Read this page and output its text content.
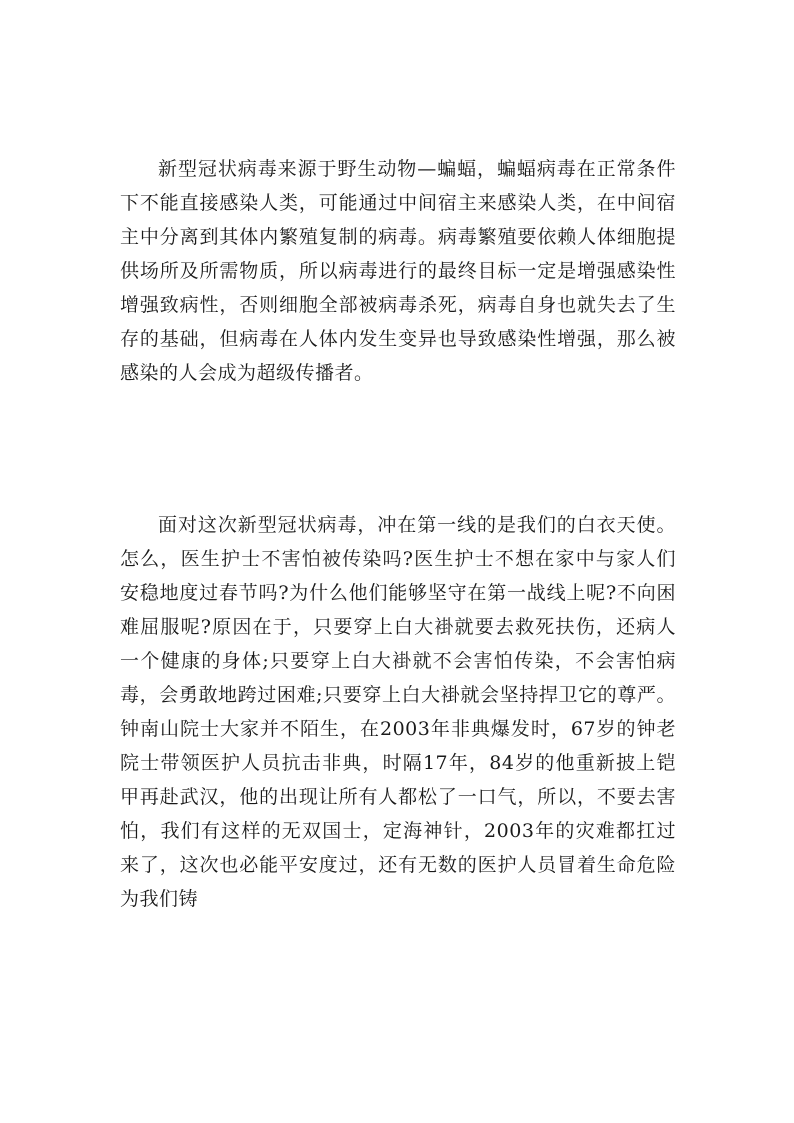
新型冠状病毒来源于野生动物—蝙蝠，蝙蝠病毒在正常条件下不能直接感染人类，可能通过中间宿主来感染人类，在中间宿主中分离到其体内繁殖复制的病毒。病毒繁殖要依赖人体细胞提供场所及所需物质，所以病毒进行的最终目标一定是增强感染性增强致病性，否则细胞全部被病毒杀死，病毒自身也就失去了生存的基础，但病毒在人体内发生变异也导致感染性增强，那么被感染的人会成为超级传播者。

面对这次新型冠状病毒，冲在第一线的是我们的白衣天使。怎么，医生护士不害怕被传染吗?医生护士不想在家中与家人们安稳地度过春节吗?为什么他们能够坚守在第一战线上呢?不向困难屈服呢?原因在于，只要穿上白大褂就要去救死扶伤，还病人一个健康的身体;只要穿上白大褂就不会害怕传染，不会害怕病毒，会勇敢地跨过困难;只要穿上白大褂就会坚持捍卫它的尊严。钟南山院士大家并不陌生，在2003年非典爆发时，67岁的钟老院士带领医护人员抗击非典，时隔17年，84岁的他重新披上铠甲再赴武汉，他的出现让所有人都松了一口气，所以，不要去害怕，我们有这样的无双国士，定海神针，2003年的灾难都扛过来了，这次也必能平安度过，还有无数的医护人员冒着生命危险为我们铸
